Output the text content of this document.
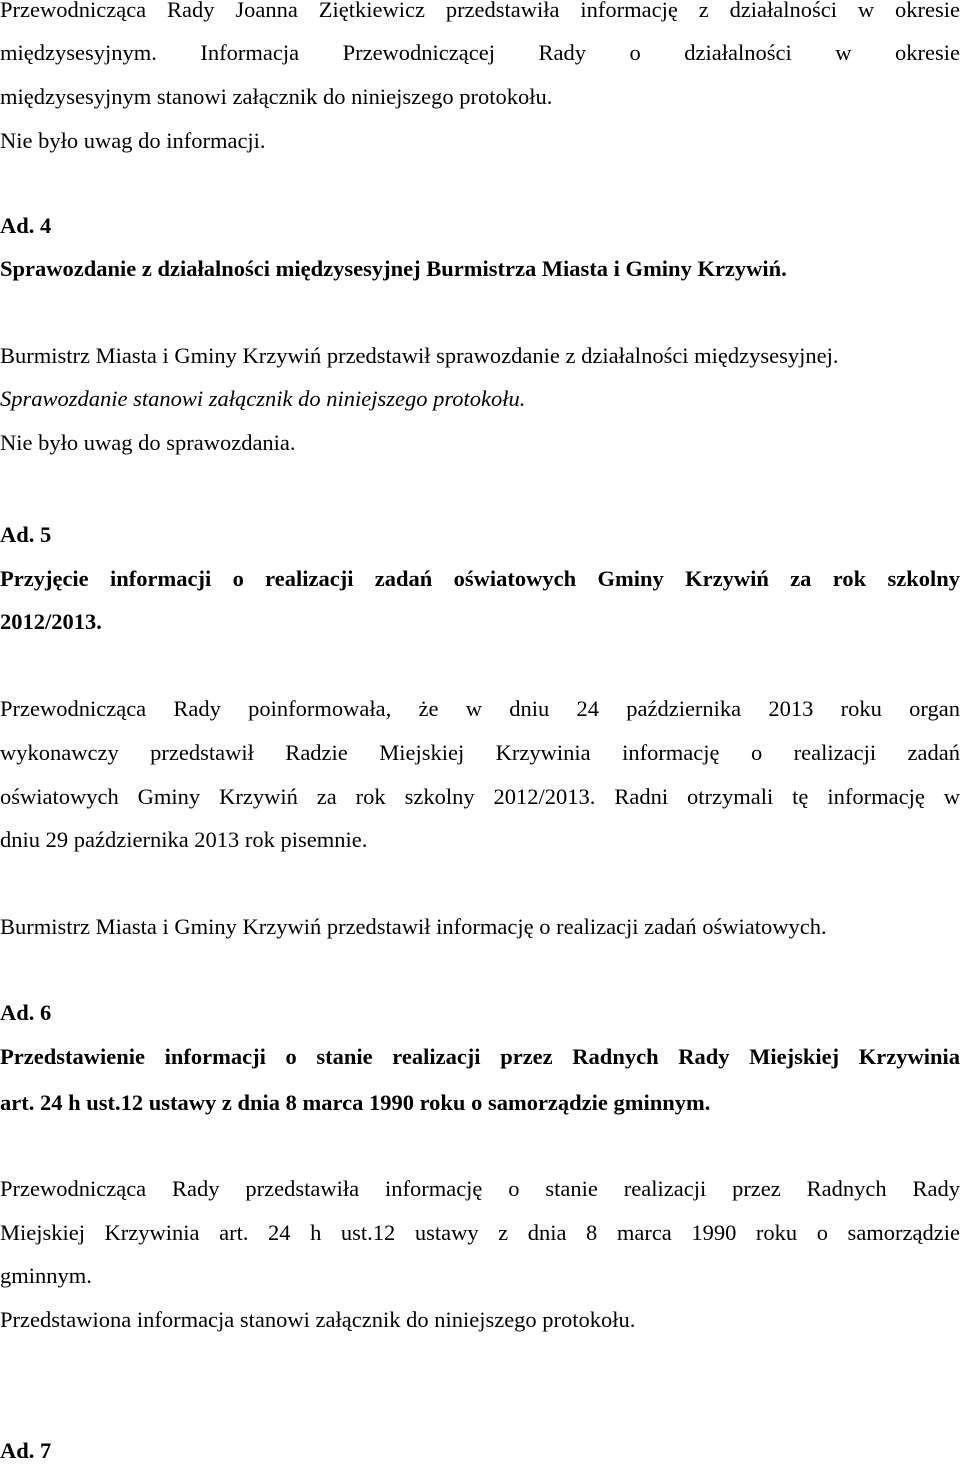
Przewodnicząca Rady Joanna Ziętkiewicz przedstawiła informację z działalności w okresie

międzysesyjnym. Informacja Przewodniczącej Rady o działalności w okresie

międzysesyjnym stanowi załącznik do niniejszego protokołu.

Nie było uwag do informacji.

Ad. 4

Sprawozdanie z działalności międzysesyjnej Burmistrza Miasta i Gminy Krzywiń.

Burmistrz Miasta i Gminy Krzywiń przedstawił sprawozdanie z działalności międzysesyjnej.

Sprawozdanie stanowi załącznik do niniejszego protokołu.

Nie było uwag do sprawozdania.

Ad. 5

Przyjęcie informacji o realizacji zadań oświatowych Gminy Krzywiń za rok szkolny

2012/2013.

Przewodnicząca Rady poinformowała, że w dniu 24 października 2013 roku organ

wykonawczy przedstawił Radzie Miejskiej Krzywinia informację o realizacji zadań

oświatowych Gminy Krzywiń za rok szkolny 2012/2013. Radni otrzymali tę informację w

dniu 29 października 2013 rok pisemnie.

Burmistrz Miasta i Gminy Krzywiń przedstawił informację o realizacji zadań oświatowych.

Ad. 6

Przedstawienie informacji o stanie realizacji przez Radnych Rady Miejskiej Krzywinia

art. 24 h ust.12 ustawy z dnia 8 marca 1990 roku o samorządzie gminnym.

Przewodnicząca Rady przedstawiła informację o stanie realizacji przez Radnych Rady

Miejskiej Krzywinia art. 24 h ust.12 ustawy z dnia 8 marca 1990 roku o samorządzie

gminnym.

Przedstawiona informacja stanowi załącznik do niniejszego protokołu.

Ad. 7
